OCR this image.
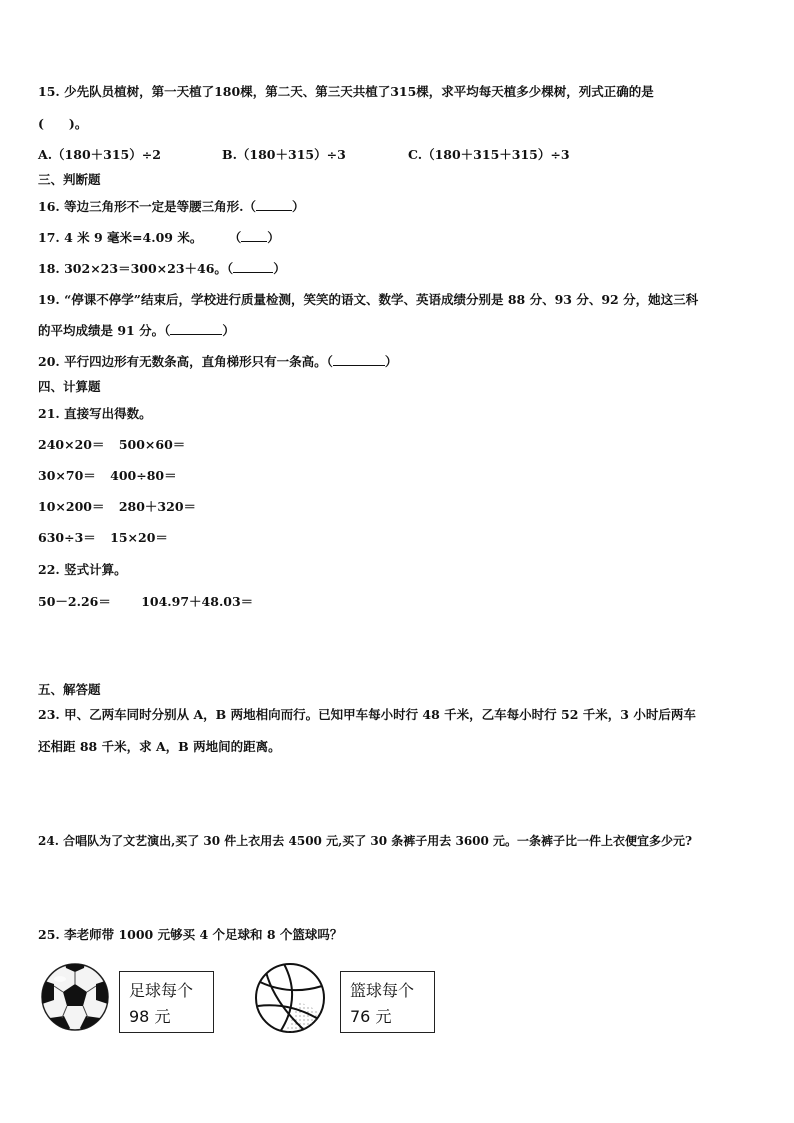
15. 少先队员植树，第一天植了180棵，第二天、第三天共植了315棵，求平均每天植多少棵树，列式正确的是
(　　)。
A.（180＋315）÷2	B.（180＋315）÷3	C.（180＋315＋315）÷3
三、判断题
16. 等边三角形不一定是等腰三角形.（	）
17. 4 米 9 毫米=4.09 米。 （ ）
18. 302×23＝300×23＋46。（	）
19. “停课不停学”结束后，学校进行质量检测，笑笑的语文、数学、英语成绩分别是 88 分、93 分、92 分，她这三科
的平均成绩是 91 分。（	）
20. 平行四边形有无数条高，直角梯形只有一条高。（	）
四、计算题
21. 直接写出得数。
240×20＝ 500×60＝
30×70＝ 400÷80＝
10×200＝ 280＋320＝
630÷3＝ 15×20＝
22. 竖式计算。
50－2.26＝ 104.97＋48.03＝
五、解答题
23. 甲、乙两车同时分别从 A，B 两地相向而行。已知甲车每小时行 48 千米，乙车每小时行 52 千米，3 小时后两车
还相距 88 千米，求 A，B 两地间的距离。
24. 合唱队为了文艺演出,买了 30 件上衣用去 4500 元,买了 30 条裤子用去 3600 元。一条裤子比一件上衣便宜多少元?
25. 李老师带 1000 元够买 4 个足球和 8 个篮球吗？
足球每个
98 元
篮球每个
76 元
